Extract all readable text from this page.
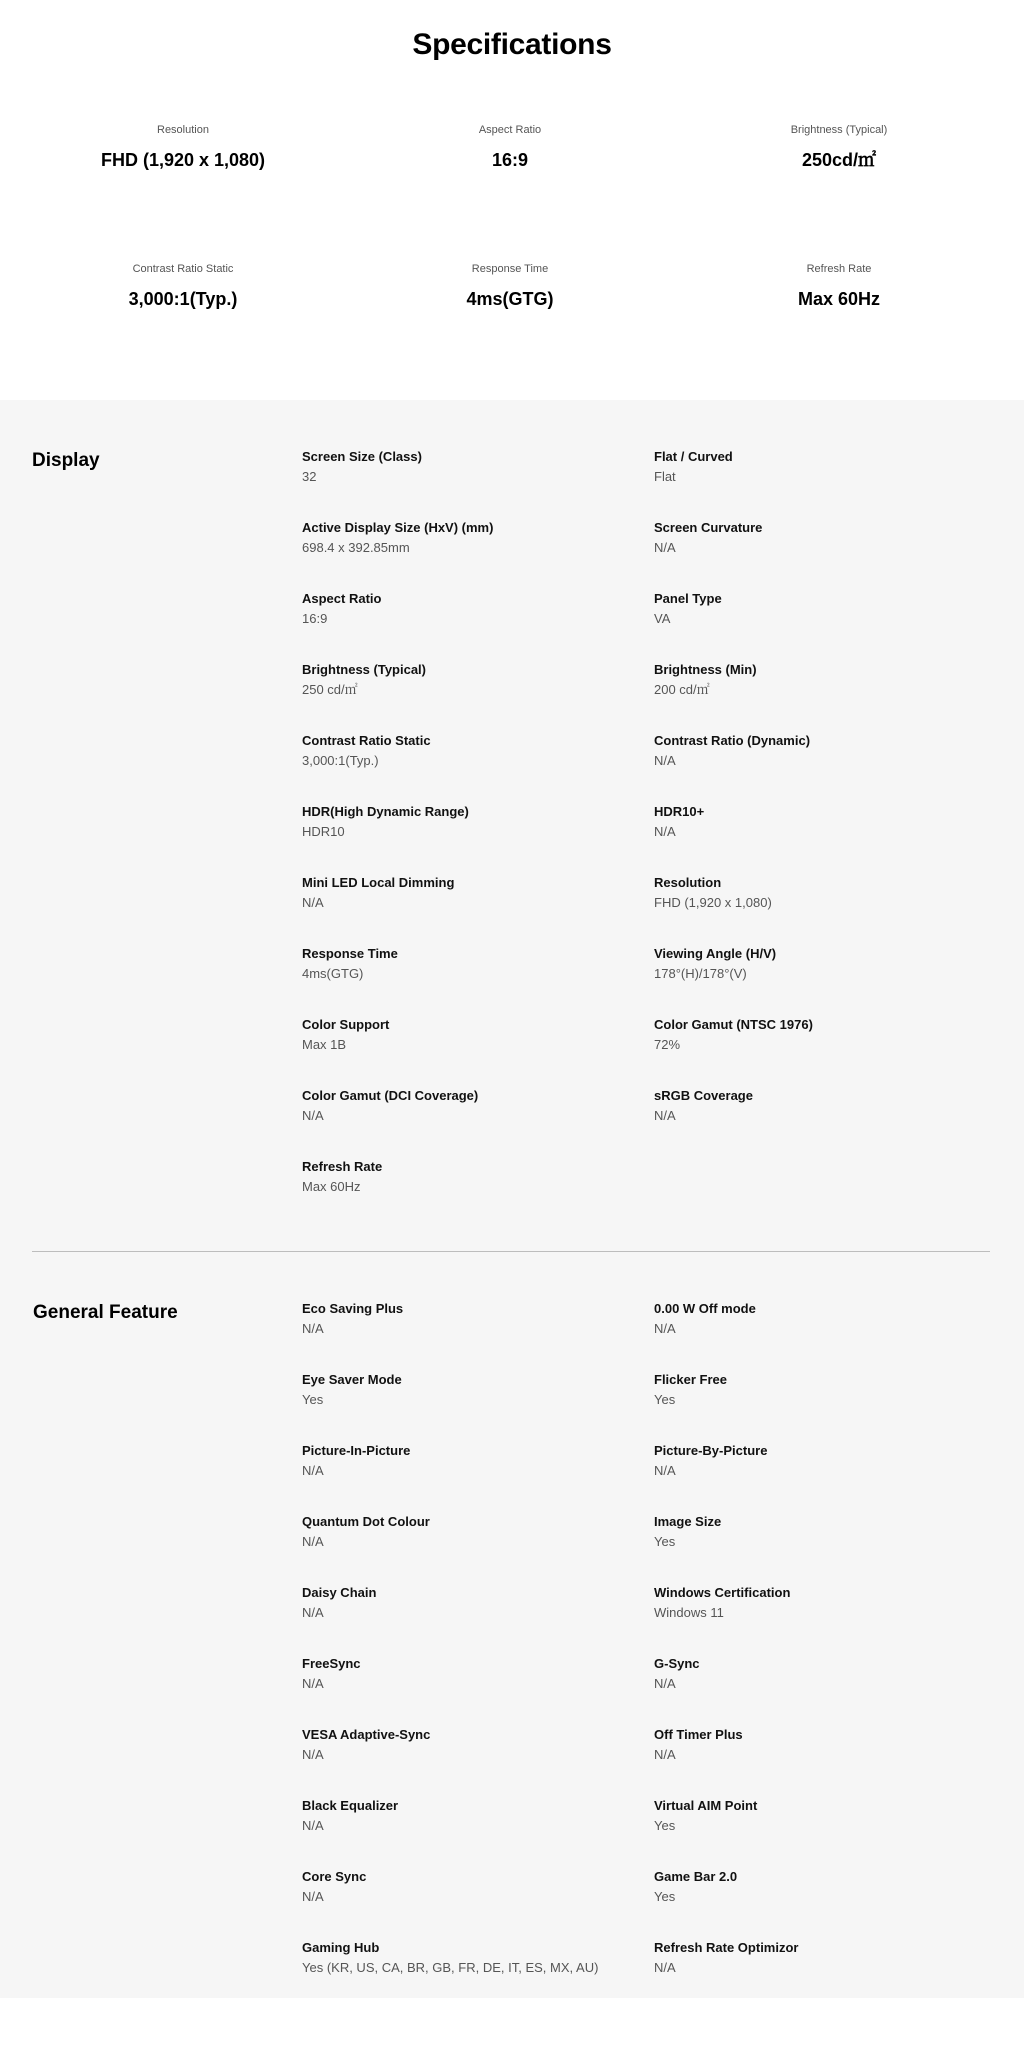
Specifications
Resolution
FHD (1,920 x 1,080)
Aspect Ratio
16:9
Brightness (Typical)
250cd/㎡
Contrast Ratio Static
3,000:1(Typ.)
Response Time
4ms(GTG)
Refresh Rate
Max 60Hz
Display	Screen Size (Class)
32
Flat / Curved
Flat
Active Display Size (HxV) (mm)
698.4 x 392.85mm
Screen Curvature
N/A
Aspect Ratio
16:9
Panel Type
VA
Brightness (Typical)
250 cd/㎡
Brightness (Min)
200 cd/㎡
Contrast Ratio Static
3,000:1(Typ.)
Contrast Ratio (Dynamic)
N/A
HDR(High Dynamic Range)
HDR10
HDR10+
N/A
Mini LED Local Dimming
N/A
Resolution
FHD (1,920 x 1,080)
Response Time
4ms(GTG)
Viewing Angle (H/V)
178°(H)/178°(V)
Color Support
Max 1B
Color Gamut (NTSC 1976)
72%
Color Gamut (DCI Coverage)
N/A
sRGB Coverage
N/A
Refresh Rate
Max 60Hz
General Feature	Eco Saving Plus
N/A
0.00 W Off mode
N/A
Eye Saver Mode
Yes
Flicker Free
Yes
Picture-In-Picture
N/A
Picture-By-Picture
N/A
Quantum Dot Colour
N/A
Image Size
Yes
Daisy Chain
N/A
Windows Certification
Windows 11
FreeSync
N/A
G-Sync
N/A
VESA Adaptive-Sync
N/A
Off Timer Plus
N/A
Black Equalizer
N/A
Virtual AIM Point
Yes
Core Sync
N/A
Game Bar 2.0
Yes
Gaming Hub
Yes (KR, US, CA, BR, GB, FR, DE, IT, ES, MX, AU)
Refresh Rate Optimizor
N/A
